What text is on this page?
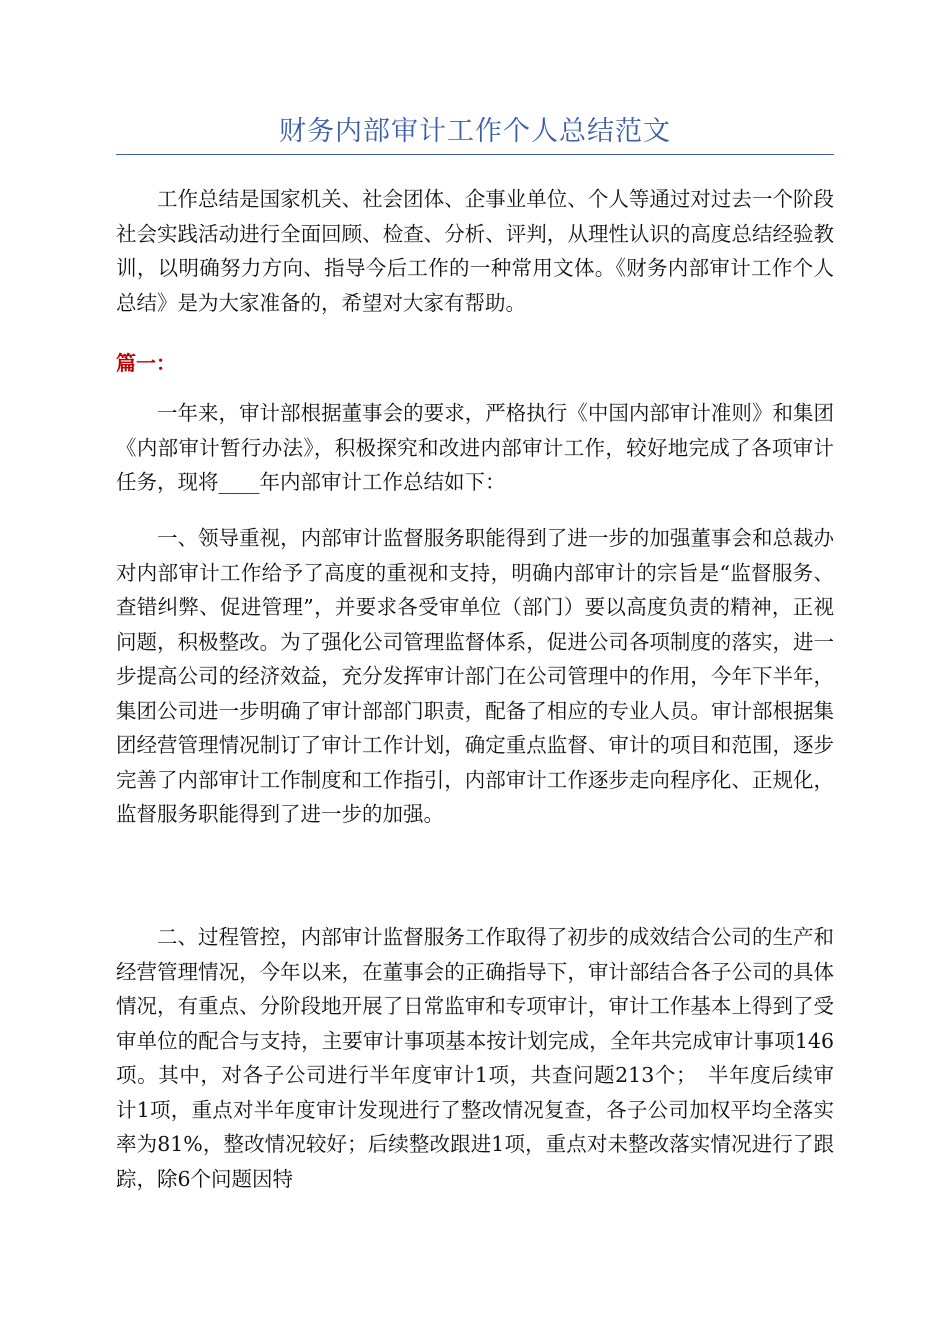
财务内部审计工作个人总结范文

工作总结是国家机关、社会团体、企事业单位、个人等通过对过去一个阶段社会实践活动进行全面回顾、检查、分析、评判，从理性认识的高度总结经验教训，以明确努力方向、指导今后工作的一种常用文体。《财务内部审计工作个人总结》是为大家准备的，希望对大家有帮助。

篇一：

一年来，审计部根据董事会的要求，严格执行《中国内部审计准则》和集团《内部审计暂行办法》，积极探究和改进内部审计工作，较好地完成了各项审计任务，现将____年内部审计工作总结如下：

一、领导重视，内部审计监督服务职能得到了进一步的加强董事会和总裁办对内部审计工作给予了高度的重视和支持，明确内部审计的宗旨是“监督服务、查错纠弊、促进管理”，并要求各受审单位（部门）要以高度负责的精神，正视问题，积极整改。为了强化公司管理监督体系，促进公司各项制度的落实，进一步提高公司的经济效益，充分发挥审计部门在公司管理中的作用，今年下半年，集团公司进一步明确了审计部部门职责，配备了相应的专业人员。审计部根据集团经营管理情况制订了审计工作计划，确定重点监督、审计的项目和范围，逐步完善了内部审计工作制度和工作指引，内部审计工作逐步走向程序化、正规化，监督服务职能得到了进一步的加强。

二、过程管控，内部审计监督服务工作取得了初步的成效结合公司的生产和经营管理情况，今年以来，在董事会的正确指导下，审计部结合各子公司的具体情况，有重点、分阶段地开展了日常监审和专项审计，审计工作基本上得到了受审单位的配合与支持，主要审计事项基本按计划完成，全年共完成审计事项146项。其中，对各子公司进行半年度审计1项，共查问题213个；　半年度后续审计1项，重点对半年度审计发现进行了整改情况复查，各子公司加权平均全落实率为81%，整改情况较好；后续整改跟进1项，重点对未整改落实情况进行了跟踪，除6个问题因特
